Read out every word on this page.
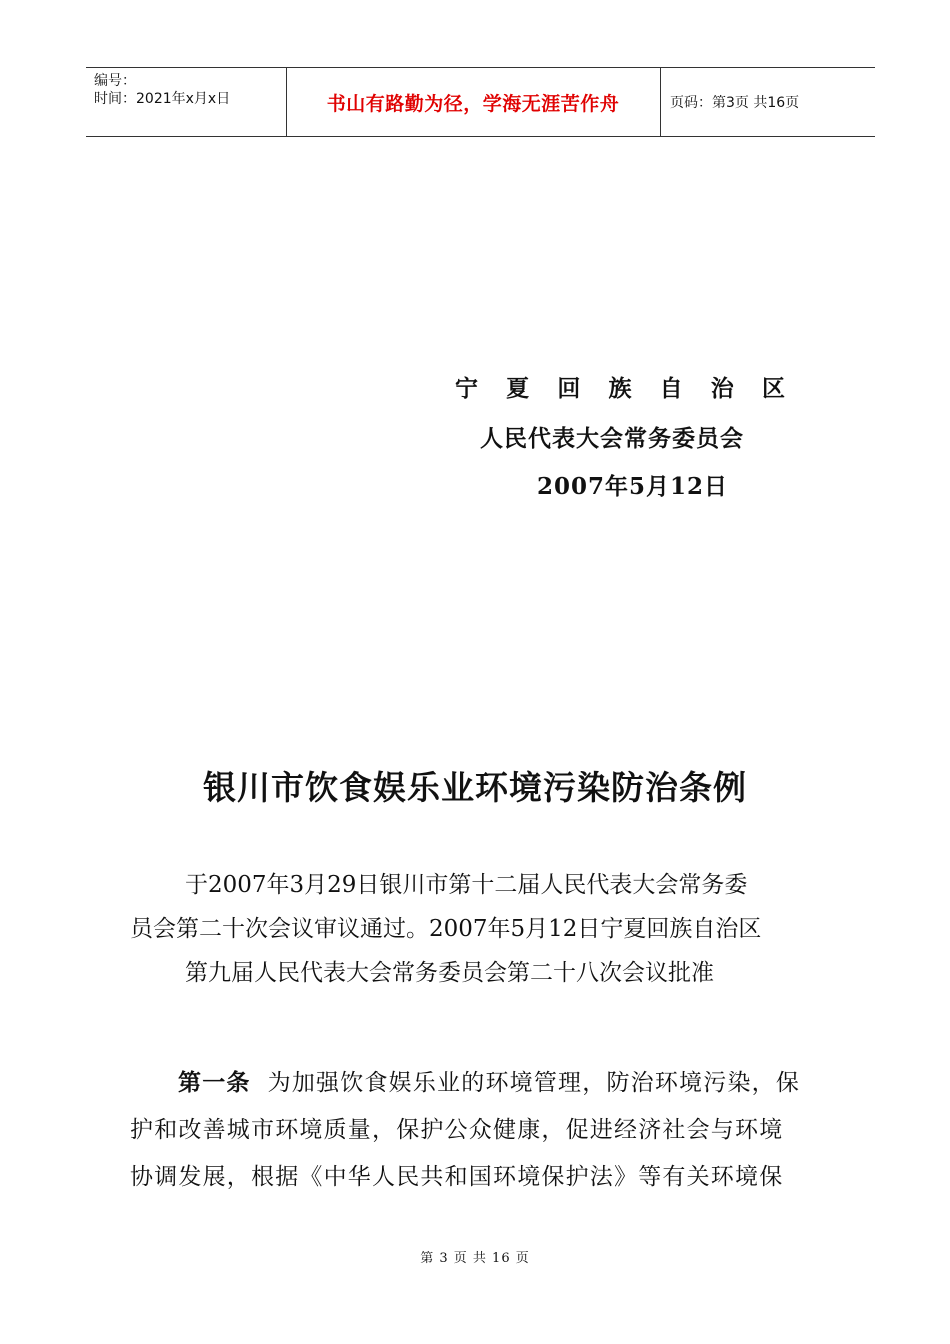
编号：
时间：2021年x月x日	书山有路勤为径，学海无涯苦作舟	页码：第3页 共16页
宁 夏 回 族 自 治 区
人民代表大会常务委员会
2007年5月12日
银川市饮食娱乐业环境污染防治条例
于2007年3月29日银川市第十二届人民代表大会常务委
员会第二十次会议审议通过。2007年5月12日宁夏回族自治区
第九届人民代表大会常务委员会第二十八次会议批准
第一条 为加强饮食娱乐业的环境管理，防治环境污染，保
护和改善城市环境质量，保护公众健康，促进经济社会与环境
协调发展，根据《中华人民共和国环境保护法》等有关环境保
第 3 页 共 16 页
